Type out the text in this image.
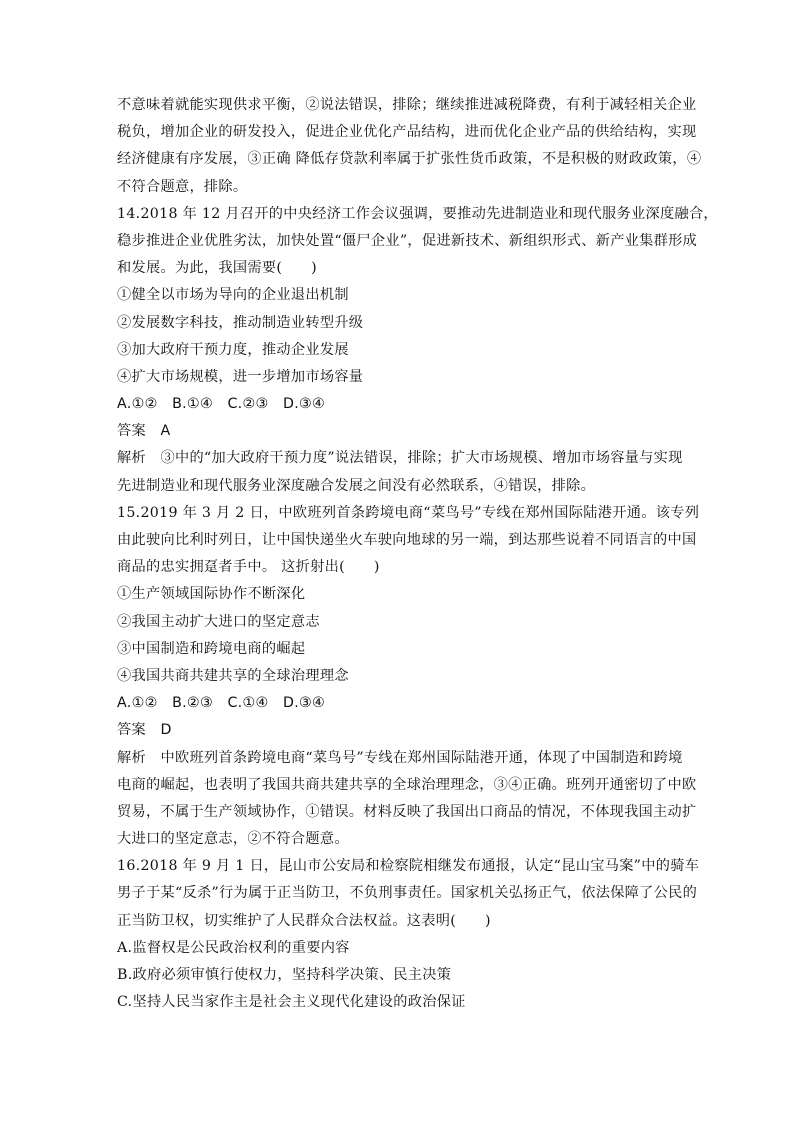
不意味着就能实现供求平衡，②说法错误，排除；继续推进减税降费，有利于减轻相关企业
税负，增加企业的研发投入，促进企业优化产品结构，进而优化企业产品的供给结构，实现
经济健康有序发展，③正确 降低存贷款利率属于扩张性货币政策，不是积极的财政政策，④
不符合题意，排除。
14.2018 年 12 月召开的中央经济工作会议强调，要推动先进制造业和现代服务业深度融合，
稳步推进企业优胜劣汰，加快处置“僵尸企业”，促进新技术、新组织形式、新产业集群形成
和发展。为此，我国需要(　　)
①健全以市场为导向的企业退出机制
②发展数字科技，推动制造业转型升级
③加大政府干预力度，推动企业发展
④扩大市场规模，进一步增加市场容量
A.①②　B.①④　C.②③　D.③④
答案　A
解析　③中的“加大政府干预力度”说法错误，排除；扩大市场规模、增加市场容量与实现
先进制造业和现代服务业深度融合发展之间没有必然联系，④错误，排除。
15.2019 年 3 月 2 日，中欧班列首条跨境电商“菜鸟号”专线在郑州国际陆港开通。该专列
由此驶向比利时列日，让中国快递坐火车驶向地球的另一端，到达那些说着不同语言的中国
商品的忠实拥趸者手中。 这折射出(　　)
①生产领域国际协作不断深化
②我国主动扩大进口的坚定意志
③中国制造和跨境电商的崛起
④我国共商共建共享的全球治理理念
A.①②　B.②③　C.①④　D.③④
答案　D
解析　中欧班列首条跨境电商“菜鸟号”专线在郑州国际陆港开通，体现了中国制造和跨境
电商的崛起，也表明了我国共商共建共享的全球治理理念，③④正确。班列开通密切了中欧
贸易，不属于生产领域协作，①错误。材料反映了我国出口商品的情况，不体现我国主动扩
大进口的坚定意志，②不符合题意。
16.2018 年 9 月 1 日，昆山市公安局和检察院相继发布通报，认定“昆山宝马案”中的骑车
男子于某“反杀”行为属于正当防卫，不负刑事责任。国家机关弘扬正气，依法保障了公民的
正当防卫权，切实维护了人民群众合法权益。这表明(　　)
A.监督权是公民政治权利的重要内容
B.政府必须审慎行使权力，坚持科学决策、民主决策
C.坚持人民当家作主是社会主义现代化建设的政治保证
